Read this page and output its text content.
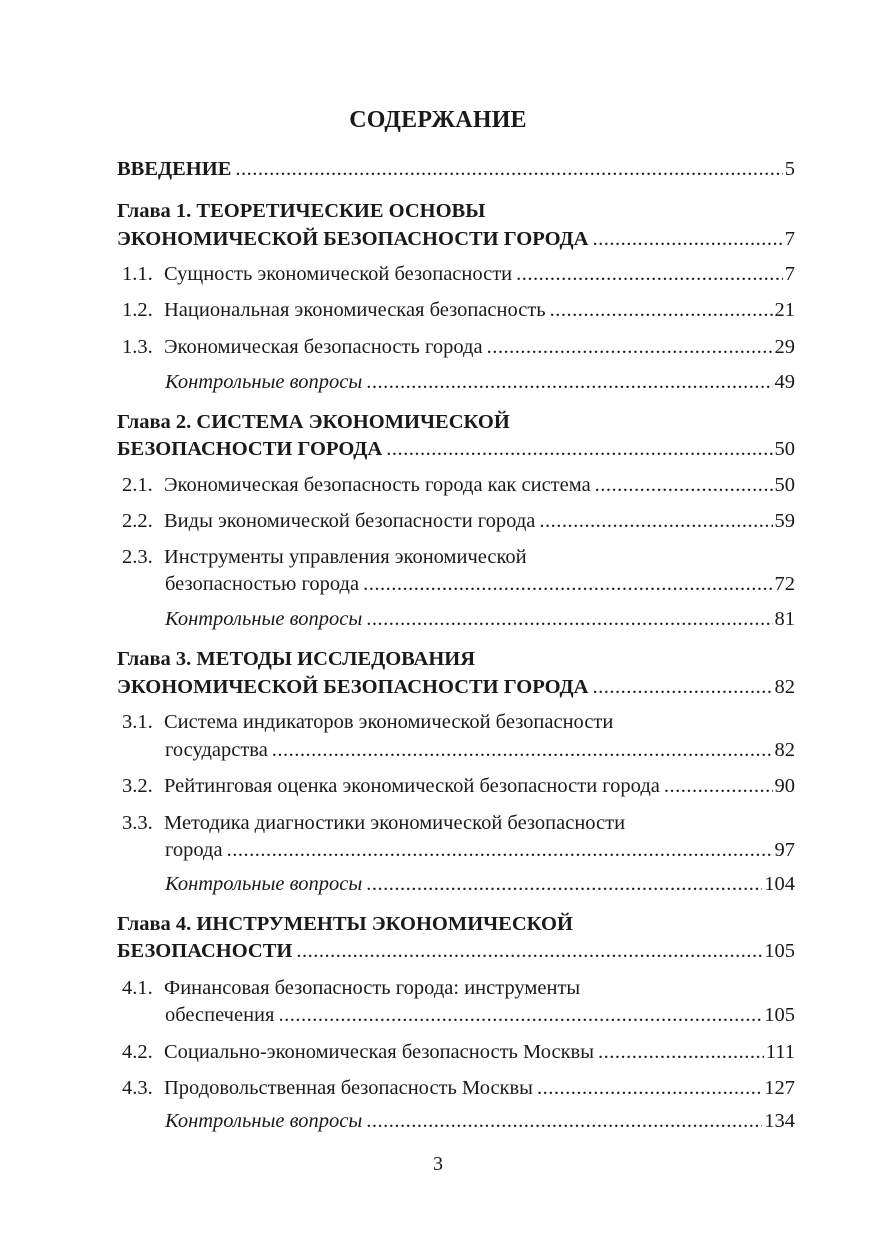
СОДЕРЖАНИЕ
ВВЕДЕНИЕ .....	5
Глава 1. ТЕОРЕТИЧЕСКИЕ ОСНОВЫ
ЭКОНОМИЧЕСКОЙ БЕЗОПАСНОСТИ ГОРОДА .....	7
1.1. Сущность экономической безопасности .....	7
1.2. Национальная экономическая безопасность .....	21
1.3. Экономическая безопасность города .....	29
Контрольные вопросы .....	49
Глава 2. СИСТЕМА ЭКОНОМИЧЕСКОЙ
БЕЗОПАСНОСТИ ГОРОДА .....	50
2.1. Экономическая безопасность города как система .....	50
2.2. Виды экономической безопасности города .....	59
2.3. Инструменты управления экономической
безопасностью города .....	72
Контрольные вопросы .....	81
Глава 3. МЕТОДЫ ИССЛЕДОВАНИЯ
ЭКОНОМИЧЕСКОЙ БЕЗОПАСНОСТИ ГОРОДА .....	82
3.1. Система индикаторов экономической безопасности
государства .....	82
3.2. Рейтинговая оценка экономической безопасности города .....	90
3.3. Методика диагностики экономической безопасности
города .....	97
Контрольные вопросы .....	104
Глава 4. ИНСТРУМЕНТЫ ЭКОНОМИЧЕСКОЙ
БЕЗОПАСНОСТИ .....	105
4.1. Финансовая безопасность города: инструменты
обеспечения .....	105
4.2. Социально-экономическая безопасность Москвы .....	111
4.3. Продовольственная безопасность Москвы .....	127
Контрольные вопросы .....	134
3
